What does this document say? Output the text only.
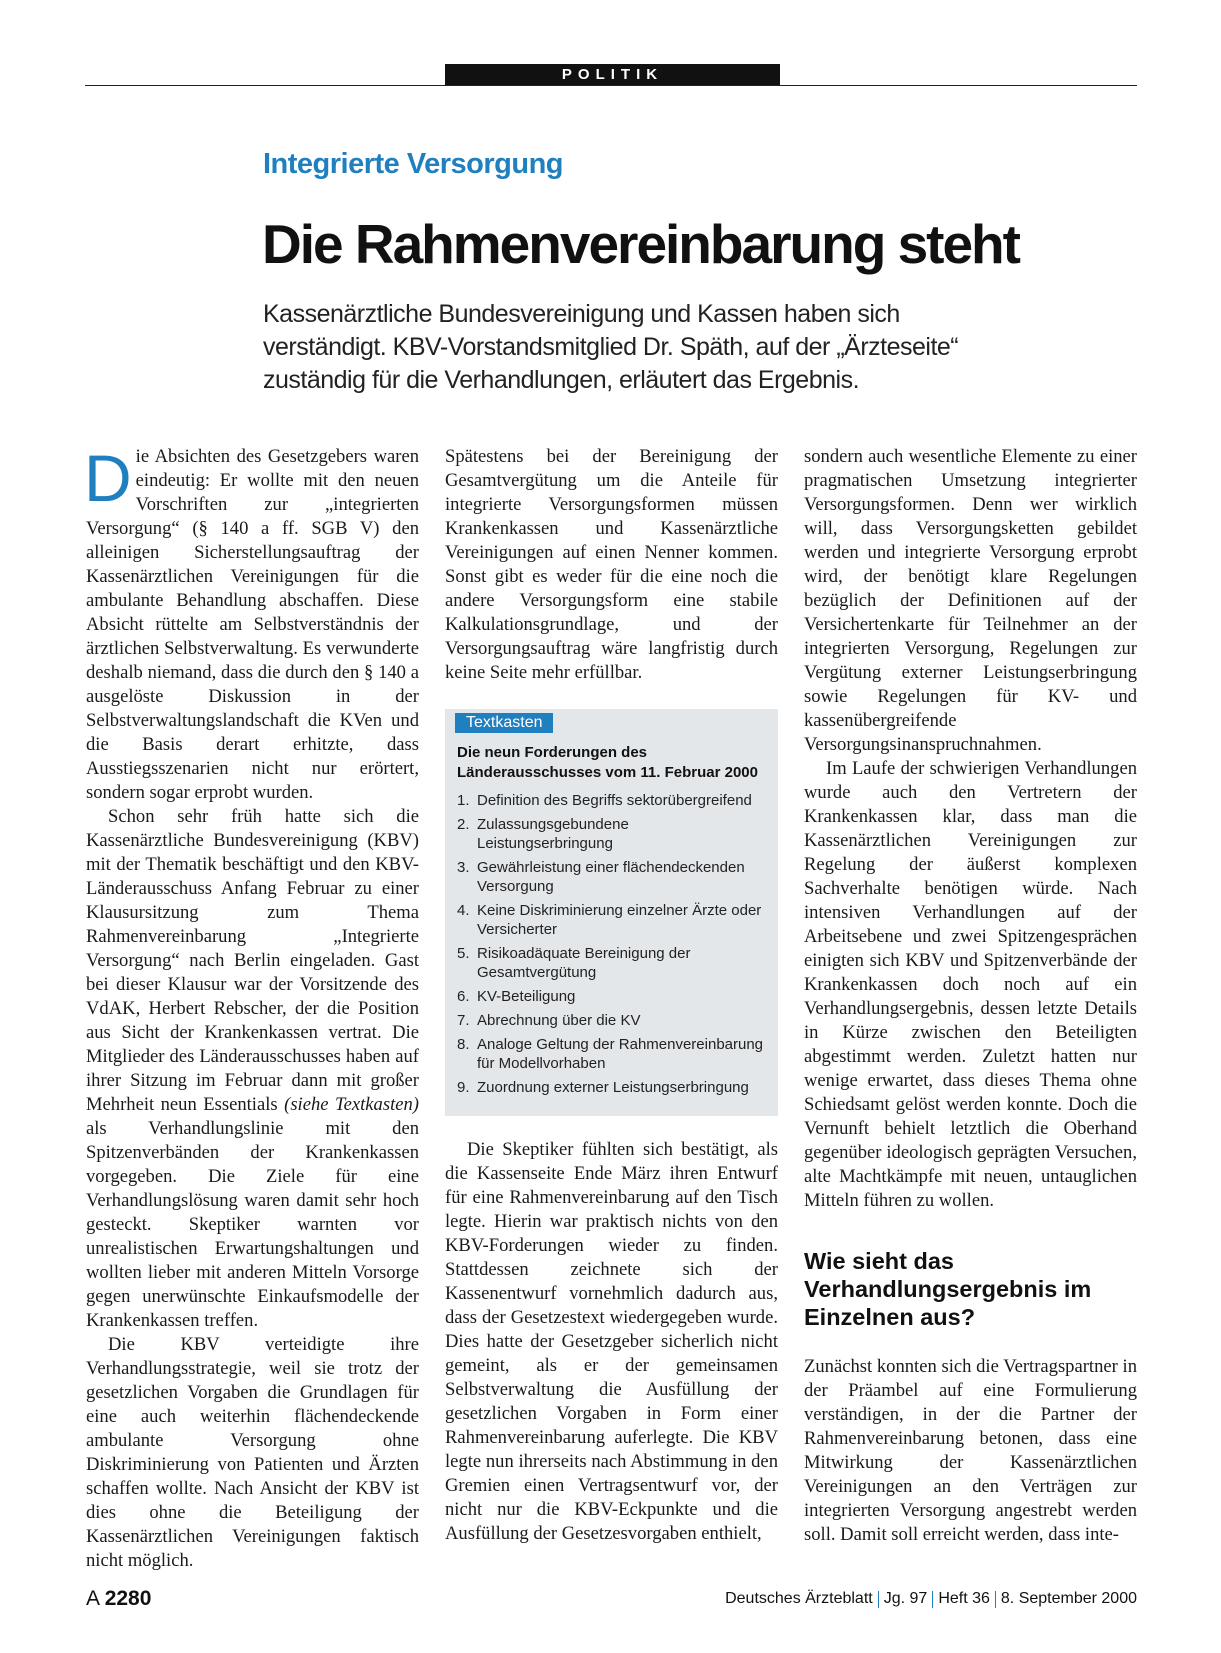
POLITIK
Integrierte Versorgung
Die Rahmenvereinbarung steht
Kassenärztliche Bundesvereinigung und Kassen haben sich
verständigt. KBV-Vorstandsmitglied Dr. Späth, auf der „Ärzteseite“
zuständig für die Verhandlungen, erläutert das Ergebnis.

Die Absichten des Gesetzgebers waren eindeutig: Er wollte mit den neuen Vorschriften zur „integrierten Versorgung“ (§ 140 a ff. SGB V) den alleinigen Sicherstellungsauftrag der Kassenärztlichen Vereinigungen für die ambulante Behandlung abschaffen. Diese Absicht rüttelte am Selbstverständnis der ärztlichen Selbstverwaltung. Es verwunderte deshalb niemand, dass die durch den § 140 a ausgelöste Diskussion in der Selbstverwaltungslandschaft die KVen und die Basis derart erhitzte, dass Ausstiegsszenarien nicht nur erörtert, sondern sogar erprobt wurden.

Schon sehr früh hatte sich die Kassenärztliche Bundesvereinigung (KBV) mit der Thematik beschäftigt und den KBV-Länderausschuss Anfang Februar zu einer Klausursitzung zum Thema Rahmenvereinbarung „Integrierte Versorgung“ nach Berlin eingeladen. Gast bei dieser Klausur war der Vorsitzende des VdAK, Herbert Rebscher, der die Position aus Sicht der Krankenkassen vertrat. Die Mitglieder des Länderausschusses haben auf ihrer Sitzung im Februar dann mit großer Mehrheit neun Essentials (siehe Textkasten) als Verhandlungslinie mit den Spitzenverbänden der Krankenkassen vorgegeben. Die Ziele für eine Verhandlungslösung waren damit sehr hoch gesteckt. Skeptiker warnten vor unrealistischen Erwartungshaltungen und wollten lieber mit anderen Mitteln Vorsorge gegen unerwünschte Einkaufsmodelle der Krankenkassen treffen.

Die KBV verteidigte ihre Verhandlungsstrategie, weil sie trotz der gesetzlichen Vorgaben die Grundlagen für eine auch weiterhin flächendeckende ambulante Versorgung ohne Diskriminierung von Patienten und Ärzten schaffen wollte. Nach Ansicht der KBV ist dies ohne die Beteiligung der Kassenärztlichen Vereinigungen faktisch nicht möglich.

Spätestens bei der Bereinigung der Gesamtvergütung um die Anteile für integrierte Versorgungsformen müssen Krankenkassen und Kassenärztliche Vereinigungen auf einen Nenner kommen. Sonst gibt es weder für die eine noch die andere Versorgungsform eine stabile Kalkulationsgrundlage, und der Versorgungsauftrag wäre langfristig durch keine Seite mehr erfüllbar.

Textkasten
Die neun Forderungen des Länderausschusses vom 11. Februar 2000
1. Definition des Begriffs sektorübergreifend
2. Zulassungsgebundene Leistungserbringung
3. Gewährleistung einer flächendeckenden Versorgung
4. Keine Diskriminierung einzelner Ärzte oder Versicherter
5. Risikoadäquate Bereinigung der Gesamtvergütung
6. KV-Beteiligung
7. Abrechnung über die KV
8. Analoge Geltung der Rahmenvereinbarung für Modellvorhaben
9. Zuordnung externer Leistungserbringung

Die Skeptiker fühlten sich bestätigt, als die Kassenseite Ende März ihren Entwurf für eine Rahmenvereinbarung auf den Tisch legte. Hierin war praktisch nichts von den KBV-Forderungen wieder zu finden. Stattdessen zeichnete sich der Kassenentwurf vornehmlich dadurch aus, dass der Gesetzestext wiedergegeben wurde. Dies hatte der Gesetzgeber sicherlich nicht gemeint, als er der gemeinsamen Selbstverwaltung die Ausfüllung der gesetzlichen Vorgaben in Form einer Rahmenvereinbarung auferlegte. Die KBV legte nun ihrerseits nach Abstimmung in den Gremien einen Vertragsentwurf vor, der nicht nur die KBV-Eckpunkte und die Ausfüllung der Gesetzesvorgaben enthielt,

sondern auch wesentliche Elemente zu einer pragmatischen Umsetzung integrierter Versorgungsformen. Denn wer wirklich will, dass Versorgungsketten gebildet werden und integrierte Versorgung erprobt wird, der benötigt klare Regelungen bezüglich der Definitionen auf der Versichertenkarte für Teilnehmer an der integrierten Versorgung, Regelungen zur Vergütung externer Leistungserbringung sowie Regelungen für KV- und kassenübergreifende Versorgungsinanspruchnahmen.

Im Laufe der schwierigen Verhandlungen wurde auch den Vertretern der Krankenkassen klar, dass man die Kassenärztlichen Vereinigungen zur Regelung der äußerst komplexen Sachverhalte benötigen würde. Nach intensiven Verhandlungen auf der Arbeitsebene und zwei Spitzengesprächen einigten sich KBV und Spitzenverbände der Krankenkassen doch noch auf ein Verhandlungsergebnis, dessen letzte Details in Kürze zwischen den Beteiligten abgestimmt werden. Zuletzt hatten nur wenige erwartet, dass dieses Thema ohne Schiedsamt gelöst werden konnte. Doch die Vernunft behielt letztlich die Oberhand gegenüber ideologisch geprägten Versuchen, alte Machtkämpfe mit neuen, untauglichen Mitteln führen zu wollen.

Wie sieht das Verhandlungsergebnis im Einzelnen aus?

Zunächst konnten sich die Vertragspartner in der Präambel auf eine Formulierung verständigen, in der die Partner der Rahmenvereinbarung betonen, dass eine Mitwirkung der Kassenärztlichen Vereinigungen an den Verträgen zur integrierten Versorgung angestrebt werden soll. Damit soll erreicht werden, dass inte-

A 2280	Deutsches Ärzteblatt Jg. 97 Heft 36 8. September 2000
